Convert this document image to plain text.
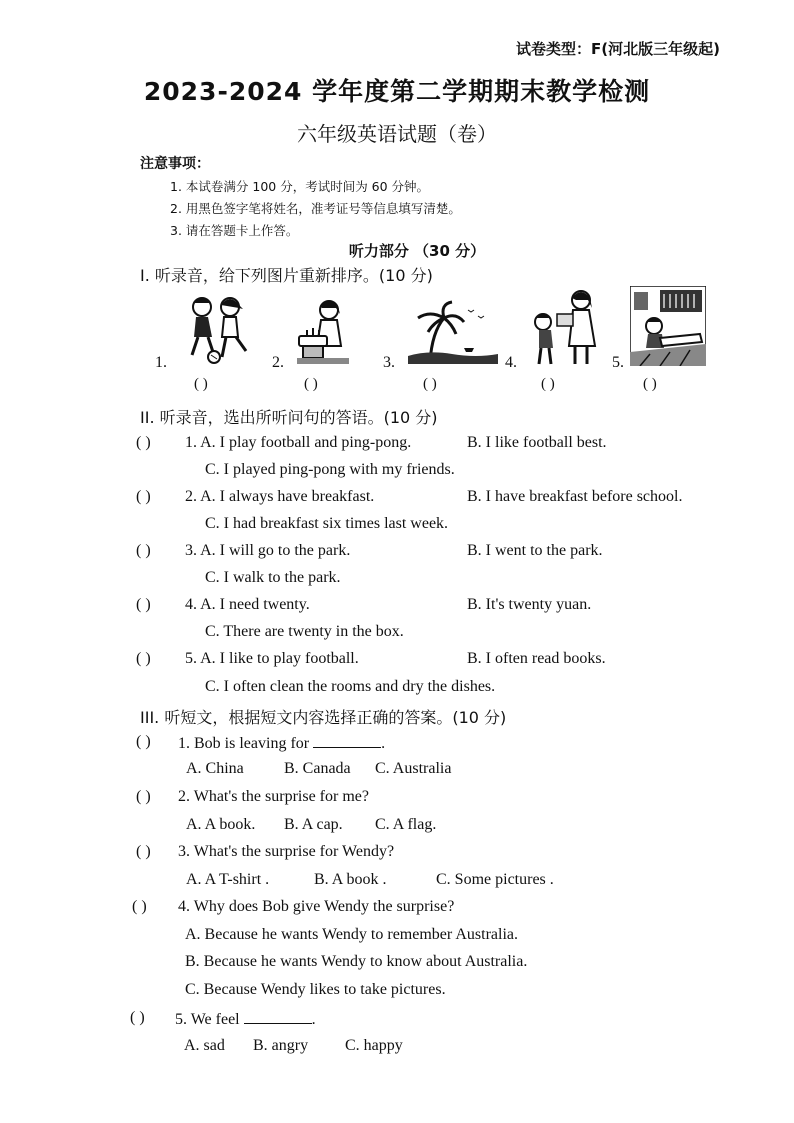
试卷类型：F(河北版三年级起)
2023-2024 学年度第二学期期末教学检测
六年级英语试题（卷）
注意事项：
1. 本试卷满分 100 分，考试时间为 60 分钟。
2. 用黑色签字笔将姓名，准考证号等信息填写清楚。
3. 请在答题卡上作答。
听力部分 （30 分）
I. 听录音，给下列图片重新排序。(10 分)
1.
( )
2.
( )
3.
( )
4.
( )
5.
( )
II. 听录音，选出所听问句的答语。(10 分)
( ) 1. A. I play football and ping-pong.	B. I like football best.
C. I played ping-pong with my friends.
( ) 2. A. I always have breakfast.	B. I have breakfast before school.
C. I had breakfast six times last week.
( ) 3. A. I will go to the park.	B. I went to the park.
C. I walk to the park.
( ) 4. A. I need twenty.	B. It's twenty yuan.
C. There are twenty in the box.
( ) 5. A. I like to play football.	B. I often read books.
C. I often clean the rooms and dry the dishes.
III. 听短文，根据短文内容选择正确的答案。(10 分)
( ) 1. Bob is leaving for	.
A. China	B. Canada C. Australia
( ) 2. What's the surprise for me?
A. A book. B. A cap. C. A flag.
( ) 3. What's the surprise for Wendy?
A. A T-shirt .	B. A book .	C. Some pictures .
( ) 4. Why does Bob give Wendy the surprise?
A. Because he wants Wendy to remember Australia.
B. Because he wants Wendy to know about Australia.
C. Because Wendy likes to take pictures.
( ) 5. We feel	.
A. sad B. angry C. happy
